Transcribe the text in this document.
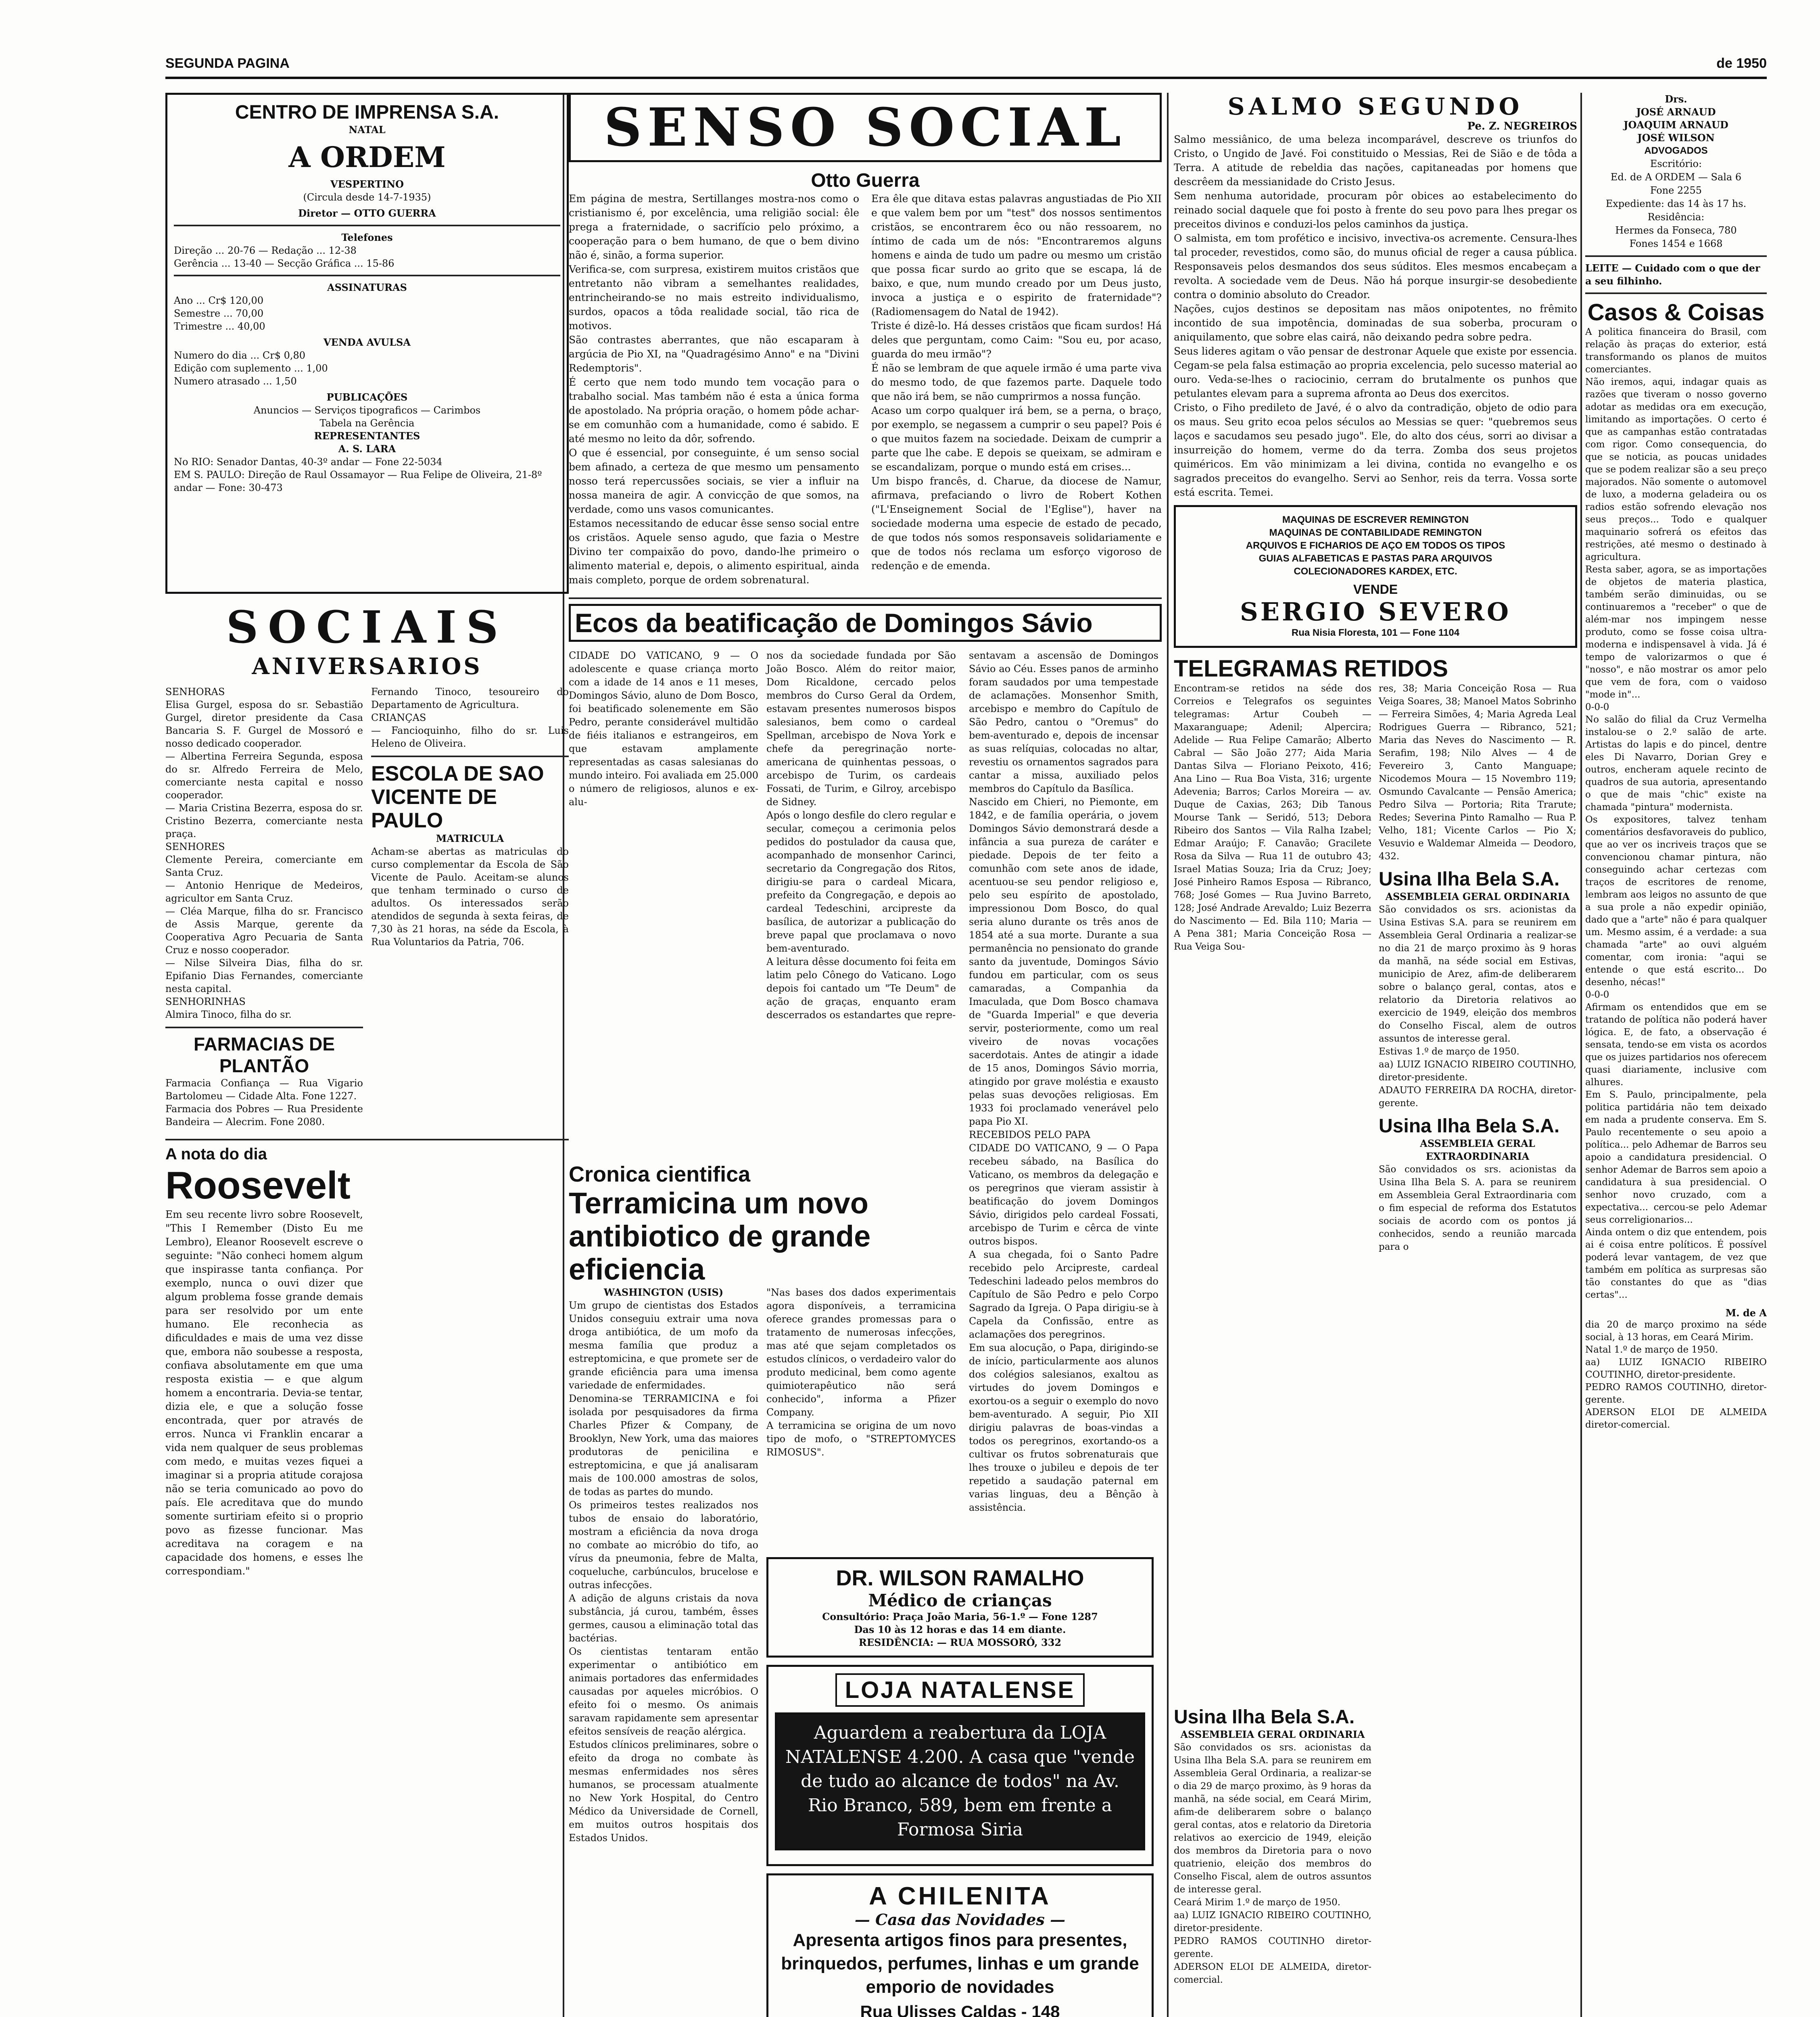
SEGUNDA PAGINA	de 1950
CENTRO DE IMPRENSA S.A.
NATAL
A ORDEM
VESPERTINO
(Circula desde 14-7-1935)
Diretor — OTTO GUERRA
Telefones
Direção ... 20-76 — Redação ... 12-38
Gerência ... 13-40 — Secção Gráfica ... 15-86
ASSINATURAS
Ano ... Cr$ 120,00
Semestre ... 70,00
Trimestre ... 40,00
VENDA AVULSA
Numero do dia ... Cr$ 0,80
Edição com suplemento ... 1,00
Numero atrasado ... 1,50
PUBLICAÇÕES
Anuncios — Serviços tipograficos — Carimbos
Tabela na Gerência
REPRESENTANTES
A. S. LARA
No RIO: Senador Dantas, 40-3º andar — Fone 22-5034
EM S. PAULO: Direção de Raul Ossamayor — Rua Felipe de Oliveira, 21-8º andar — Fone: 30-473
SOCIAIS
ANIVERSARIOS

SENHORAS
Elisa Gurgel, esposa do sr. Sebastião Gurgel, diretor presidente da Casa Bancaria S. F. Gurgel de Mossoró e nosso dedicado cooperador.
— Albertina Ferreira Segunda, esposa do sr. Alfredo Ferreira de Melo, comerciante nesta capital e nosso cooperador.
— Maria Cristina Bezerra, esposa do sr. Cristino Bezerra, comerciante nesta praça.
SENHORES
Clemente Pereira, comerciante em Santa Cruz.
— Antonio Henrique de Medeiros, agricultor em Santa Cruz.
— Cléa Marque, filha do sr. Francisco de Assis Marque, gerente da Cooperativa Agro Pecuaria de Santa Cruz e nosso cooperador.
— Nilse Silveira Dias, filha do sr. Epifanio Dias Fernandes, comerciante nesta capital.
SENHORINHAS
Almira Tinoco, filha do sr.

FARMACIAS DE PLANTÃO

Farmacia Confiança — Rua Vigario Bartolomeu — Cidade Alta. Fone 1227.
Farmacia dos Pobres — Rua Presidente Bandeira — Alecrim. Fone 2080.

Fernando Tinoco, tesoureiro do Departamento de Agricultura.
CRIANÇAS
— Fancioquinho, filho do sr. Luis Heleno de Oliveira.

ESCOLA DE SAO VICENTE DE PAULO
MATRICULA

Acham-se abertas as matriculas do curso complementar da Escola de São Vicente de Paulo. Aceitam-se alunos que tenham terminado o curso de adultos. Os interessados serão atendidos de segunda à sexta feiras, de 7,30 às 21 horas, na séde da Escola, à Rua Voluntarios da Patria, 706.

A nota do dia
Roosevelt

Em seu recente livro sobre Roosevelt, "This I Remember (Disto Eu me Lembro), Eleanor Roosevelt escreve o seguinte: "Não conheci homem algum que inspirasse tanta confiança. Por exemplo, nunca o ouvi dizer que algum problema fosse grande demais para ser resolvido por um ente humano. Ele reconhecia as dificuldades e mais de uma vez disse que, embora não soubesse a resposta, confiava absolutamente em que uma resposta existia — e que algum homem a encontraria. Devia-se tentar, dizia ele, e que a solução fosse encontrada, quer por através de erros. Nunca vi Franklin encarar a vida nem qualquer de seus problemas com medo, e muitas vezes fiquei a imaginar si a propria atitude corajosa não se teria comunicado ao povo do país. Ele acreditava que do mundo somente surtiriam efeito si o proprio povo as fizesse funcionar. Mas acreditava na coragem e na capacidade dos homens, e esses lhe correspondiam."

SENSO SOCIAL
Otto Guerra

Em página de mestra, Sertillanges mostra-nos como o cristianismo é, por excelência, uma religião social: êle prega a fraternidade, o sacrifício pelo próximo, a cooperação para o bem humano, de que o bem divino não é, sinão, a forma superior.
Verifica-se, com surpresa, existirem muitos cristãos que entretanto não vibram a semelhantes realidades, entrincheirando-se no mais estreito individualismo, surdos, opacos a tôda realidade social, tão rica de motivos.
São contrastes aberrantes, que não escaparam à argúcia de Pio XI, na "Quadragésimo Anno" e na "Divini Redemptoris".
É certo que nem todo mundo tem vocação para o trabalho social. Mas também não é esta a única forma de apostolado. Na própria oração, o homem pôde achar-se em comunhão com a humanidade, como é sabido. E até mesmo no leito da dôr, sofrendo.
O que é essencial, por conseguinte, é um senso social bem afinado, a certeza de que mesmo um pensamento nosso terá repercussões sociais, se vier a influir na nossa maneira de agir. A convicção de que somos, na verdade, como uns vasos comunicantes.
Estamos necessitando de educar êsse senso social entre os cristãos. Aquele senso agudo, que fazia o Mestre Divino ter compaixão do povo, dando-lhe primeiro o alimento material e, depois, o alimento espiritual, ainda mais completo, porque de ordem sobrenatural.

Era êle que ditava estas palavras angustiadas de Pio XII e que valem bem por um "test" dos nossos sentimentos cristãos, se encontrarem êco ou não ressoarem, no íntimo de cada um de nós: "Encontraremos alguns homens e ainda de tudo um padre ou mesmo um cristão que possa ficar surdo ao grito que se escapa, lá de baixo, e que, num mundo creado por um Deus justo, invoca a justiça e o espirito de fraternidade"? (Radiomensagem do Natal de 1942).
Triste é dizê-lo. Há desses cristãos que ficam surdos! Há deles que perguntam, como Caim: "Sou eu, por acaso, guarda do meu irmão"?
É não se lembram de que aquele irmão é uma parte viva do mesmo todo, de que fazemos parte. Daquele todo que não irá bem, se não cumprirmos a nossa função.
Acaso um corpo qualquer irá bem, se a perna, o braço, por exemplo, se negassem a cumprir o seu papel? Pois é o que muitos fazem na sociedade. Deixam de cumprir a parte que lhe cabe. E depois se queixam, se admiram e se escandalizam, porque o mundo está em crises...
Um bispo francês, d. Charue, da diocese de Namur, afirmava, prefaciando o livro de Robert Kothen ("L'Enseignement Social de l'Eglise"), haver na sociedade moderna uma especie de estado de pecado, de que todos nós somos responsaveis solidariamente e que de todos nós reclama um esforço vigoroso de redenção e de emenda.

Ecos da beatificação de Domingos Sávio

CIDADE DO VATICANO, 9 — O adolescente e quase criança morto com a idade de 14 anos e 11 meses, Domingos Sávio, aluno de Dom Bosco, foi beatificado solenemente em São Pedro, perante considerável multidão de fiéis italianos e estrangeiros, em que estavam amplamente representadas as casas salesianas do mundo inteiro. Foi avaliada em 25.000 o número de religiosos, alunos e ex-alu-

nos da sociedade fundada por São João Bosco. Além do reitor maior, Dom Ricaldone, cercado pelos membros do Curso Geral da Ordem, estavam presentes numerosos bispos salesianos, bem como o cardeal Spellman, arcebispo de Nova York e chefe da peregrinação norte-americana de quinhentas pessoas, o arcebispo de Turim, os cardeais Fossati, de Turim, e Gilroy, arcebispo de Sidney.
Após o longo desfile do clero regular e secular, começou a cerimonia pelos pedidos do postulador da causa que, acompanhado de monsenhor Carinci, secretario da Congregação dos Ritos, dirigiu-se para o cardeal Micara, prefeito da Congregação, e depois ao cardeal Tedeschini, arcipreste da basílica, de autorizar a publicação do breve papal que proclamava o novo bem-aventurado.
A leitura dêsse documento foi feita em latim pelo Cônego do Vaticano. Logo depois foi cantado um "Te Deum" de ação de graças, enquanto eram descerrados os estandartes que repre-

sentavam a ascensão de Domingos Sávio ao Céu. Esses panos de arminho foram saudados por uma tempestade de aclamações. Monsenhor Smith, arcebispo e membro do Capítulo de São Pedro, cantou o "Oremus" do bem-aventurado e, depois de incensar as suas relíquias, colocadas no altar, revestiu os ornamentos sagrados para cantar a missa, auxiliado pelos membros do Capítulo da Basílica.
Nascido em Chieri, no Piemonte, em 1842, e de família operária, o jovem Domingos Sávio demonstrará desde a infância a sua pureza de caráter e piedade. Depois de ter feito a comunhão com sete anos de idade, acentuou-se seu pendor religioso e, pelo seu espírito de apostolado, impressionou Dom Bosco, do qual seria aluno durante os três anos de 1854 até a sua morte. Durante a sua permanência no pensionato do grande santo da juventude, Domingos Sávio fundou em particular, com os seus camaradas, a Companhia da Imaculada, que Dom Bosco chamava de "Guarda Imperial" e que deveria servir, posteriormente, como um real viveiro de novas vocações sacerdotais. Antes de atingir a idade de 15 anos, Domingos Sávio morria, atingido por grave moléstia e exausto pelas suas devoções religiosas. Em 1933 foi proclamado venerável pelo papa Pio XI.
RECEBIDOS PELO PAPA
CIDADE DO VATICANO, 9 — O Papa recebeu sábado, na Basílica do Vaticano, os membros da delegação e os peregrinos que vieram assistir à beatificação do jovem Domingos Sávio, dirigidos pelo cardeal Fossati, arcebispo de Turim e cêrca de vinte outros bispos.
A sua chegada, foi o Santo Padre recebido pelo Arcipreste, cardeal Tedeschini ladeado pelos membros do Capítulo de São Pedro e pelo Corpo Sagrado da Igreja. O Papa dirigiu-se à Capela da Confissão, entre as aclamações dos peregrinos.
Em sua alocução, o Papa, dirigindo-se de início, particularmente aos alunos dos colégios salesianos, exaltou as virtudes do jovem Domingos e exortou-os a seguir o exemplo do novo bem-aventurado. A seguir, Pio XII dirigiu palavras de boas-vindas a todos os peregrinos, exortando-os a cultivar os frutos sobrenaturais que lhes trouxe o jubileu e depois de ter repetido a saudação paternal em varias linguas, deu a Bênção à assistência.

Cronica cientifica
Terramicina um novo antibiotico de grande eficiencia
WASHINGTON (USIS)

Um grupo de cientistas dos Estados Unidos conseguiu extrair uma nova droga antibiótica, de um mofo da mesma família que produz a estreptomicina, e que promete ser de grande eficiência para uma imensa variedade de enfermidades.
Denomina-se TERRAMICINA e foi isolada por pesquisadores da firma Charles Pfizer & Company, de Brooklyn, New York, uma das maiores produtoras de penicilina e estreptomicina, e que já analisaram mais de 100.000 amostras de solos, de todas as partes do mundo.
Os primeiros testes realizados nos tubos de ensaio do laboratório, mostram a eficiência da nova droga no combate ao micróbio do tifo, ao vírus da pneumonia, febre de Malta, coqueluche, carbúnculos, brucelose e outras infecções.
A adição de alguns cristais da nova substância, já curou, também, êsses germes, causou a eliminação total das bactérias.
Os cientistas tentaram então experimentar o antibiótico em animais portadores das enfermidades causadas por aqueles micróbios. O efeito foi o mesmo. Os animais saravam rapidamente sem apresentar efeitos sensíveis de reação alérgica.
Estudos clínicos preliminares, sobre o efeito da droga no combate às mesmas enfermidades nos sêres humanos, se processam atualmente no New York Hospital, do Centro Médico da Universidade de Cornell, em muitos outros hospitais dos Estados Unidos.

"Nas bases dos dados experimentais agora disponíveis, a terramicina oferece grandes promessas para o tratamento de numerosas infecções, mas até que sejam completados os estudos clínicos, o verdadeiro valor do produto medicinal, bem como agente quimioterapêutico não será conhecido", informa a Pfizer Company.
A terramicina se origina de um novo tipo de mofo, o "STREPTOMYCES RIMOSUS".

DR. WILSON RAMALHO
Médico de crianças
Consultório: Praça João Maria, 56-1.º — Fone 1287
Das 10 às 12 horas e das 14 em diante.
RESIDÊNCIA: — RUA MOSSORÓ, 332
LOJA NATALENSE
Aguardem a reabertura da LOJA NATALENSE 4.200. A casa que "vende de tudo ao alcance de todos" na Av. Rio Branco, 589, bem em frente a Formosa Siria
A CHILENITA
— Casa das Novidades —
Apresenta artigos finos para presentes, brinquedos, perfumes, linhas e um grande emporio de novidades
Rua Ulisses Caldas - 148
SALMO SEGUNDO
Pe. Z. NEGREIROS

Salmo messiânico, de uma beleza incomparável, descreve os triunfos do Cristo, o Ungido de Javé. Foi constituido o Messias, Rei de Sião e de tôda a Terra. A atitude de rebeldia das nações, capitaneadas por homens que descrêem da messianidade do Cristo Jesus.
Sem nenhuma autoridade, procuram pôr obices ao estabelecimento do reinado social daquele que foi posto à frente do seu povo para lhes pregar os preceitos divinos e conduzi-los pelos caminhos da justiça.
O salmista, em tom profético e incisivo, invectiva-os acremente. Censura-lhes tal proceder, revestidos, como são, do munus oficial de reger a causa pública. Responsaveis pelos desmandos dos seus súditos. Eles mesmos encabeçam a revolta. A sociedade vem de Deus. Não há porque insurgir-se desobediente contra o dominio absoluto do Creador.
Nações, cujos destinos se depositam nas mãos onipotentes, no frêmito incontido de sua impotência, dominadas de sua soberba, procuram o aniquilamento, que sobre elas cairá, não deixando pedra sobre pedra.
Seus lideres agitam o vão pensar de destronar Aquele que existe por essencia. Cegam-se pela falsa estimação ao propria excelencia, pelo sucesso material ao ouro. Veda-se-lhes o raciocinio, cerram do brutalmente os punhos que petulantes elevam para a suprema afronta ao Deus dos exercitos.
Cristo, o Fiho predileto de Javé, é o alvo da contradição, objeto de odio para os maus. Seu grito ecoa pelos séculos ao Messias se quer: "quebremos seus laços e sacudamos seu pesado jugo". Ele, do alto dos céus, sorri ao divisar a insurreição do homem, verme do da terra. Zomba dos seus projetos quiméricos. Em vão minimizam a lei divina, contida no evangelho e os sagrados preceitos do evangelho. Servi ao Senhor, reis da terra. Vossa sorte está escrita. Temei.

MAQUINAS DE ESCREVER REMINGTON
MAQUINAS DE CONTABILIDADE REMINGTON
ARQUIVOS E FICHARIOS DE AÇO EM TODOS OS TIPOS
GUIAS ALFABETICAS E PASTAS PARA ARQUIVOS
COLECIONADORES KARDEX, ETC.
VENDE
SERGIO SEVERO
Rua Nisia Floresta, 101 — Fone 1104
TELEGRAMAS RETIDOS

Encontram-se retidos na séde dos Correios e Telegrafos os seguintes telegramas: Artur Coubeh — Maxaranguape; Adenil; Alpercira; Adelide — Rua Felipe Camarão; Alberto Cabral — São João 277; Aida Maria Dantas Silva — Floriano Peixoto, 416; Ana Lino — Rua Boa Vista, 316; urgente Adevenia; Barros; Carlos Moreira — av. Duque de Caxias, 263; Dib Tanous Mourse Tank — Seridó, 513; Debora Ribeiro dos Santos — Vila Ralha Izabel; Edmar Araújo; F. Canavão; Gracilete Rosa da Silva — Rua 11 de outubro 43; Israel Matias Souza; Iria da Cruz; Joey; José Pinheiro Ramos Esposa — Ribranco, 768; José Gomes — Rua Juvino Barreto, 128; José Andrade Arevaldo; Luiz Bezerra do Nascimento — Ed. Bila 110; Maria — A Pena 381; Maria Conceição Rosa — Rua Veiga Sou-

res, 38; Maria Conceição Rosa — Rua Veiga Soares, 38; Manoel Matos Sobrinho — Ferreira Simões, 4; Maria Agreda Leal Rodrigues Guerra — Ribranco, 521; Maria das Neves do Nascimento — R. Serafim, 198; Nilo Alves — 4 de Fevereiro 3, Canto Manguape; Nicodemos Moura — 15 Novembro 119; Osmundo Cavalcante — Pensão America; Pedro Silva — Portoria; Rita Trarute; Redes; Severina Pinto Ramalho — Rua P. Velho, 181; Vicente Carlos — Pio X; Vesuvio e Waldemar Almeida — Deodoro, 432.

Usina Ilha Bela S.A.
ASSEMBLEIA GERAL ORDINARIA

São convidados os srs. acionistas da Usina Estivas S.A. para se reunirem em Assembleia Geral Ordinaria a realizar-se no dia 21 de março proximo às 9 horas da manhã, na séde social em Estivas, municipio de Arez, afim-de deliberarem sobre o balanço geral, contas, atos e relatorio da Diretoria relativos ao exercicio de 1949, eleição dos membros do Conselho Fiscal, alem de outros assuntos de interesse geral.
Estivas 1.º de março de 1950.
aa) LUIZ IGNACIO RIBEIRO COUTINHO, diretor-presidente.
ADAUTO FERREIRA DA ROCHA, diretor-gerente.

Usina Ilha Bela S.A.
ASSEMBLEIA GERAL EXTRAORDINARIA

São convidados os srs. acionistas da Usina Ilha Bela S. A. para se reunirem em Assembleia Geral Extraordinaria com o fim especial de reforma dos Estatutos sociais de acordo com os pontos já conhecidos, sendo a reunião marcada para o

Usina Ilha Bela S.A.
ASSEMBLEIA GERAL ORDINARIA

São convidados os srs. acionistas da Usina Ilha Bela S.A. para se reunirem em Assembleia Geral Ordinaria, a realizar-se o dia 29 de março proximo, às 9 horas da manhã, na séde social, em Ceará Mirim, afim-de deliberarem sobre o balanço geral contas, atos e relatorio da Diretoria relativos ao exercicio de 1949, eleição dos membros da Diretoria para o novo quatrienio, eleição dos membros do Conselho Fiscal, alem de outros assuntos de interesse geral.
Ceará Mirim 1.º de março de 1950.
aa) LUIZ IGNACIO RIBEIRO COUTINHO, diretor-presidente.
PEDRO RAMOS COUTINHO diretor-gerente.
ADERSON ELOI DE ALMEIDA, diretor-comercial.

Drs.
JOSÉ ARNAUD
JOAQUIM ARNAUD
JOSÉ WILSON
ADVOGADOS
Escritório:
Ed. de A ORDEM — Sala 6
Fone 2255
Expediente: das 14 às 17 hs.
Residência:
Hermes da Fonseca, 780
Fones 1454 e 1668
LEITE — Cuidado com o que der a seu filhinho.
Casos & Coisas

A politica financeira do Brasil, com relação às praças do exterior, está transformando os planos de muitos comerciantes.
Não iremos, aqui, indagar quais as razões que tiveram o nosso governo adotar as medidas ora em execução, limitando as importações. O certo é que as campanhas estão contratadas com rigor. Como consequencia, do que se noticia, as poucas unidades que se podem realizar são a seu preço majorados. Não somente o automovel de luxo, a moderna geladeira ou os radios estão sofrendo elevação nos seus preços... Todo e qualquer maquinario sofrerá os efeitos das restrições, até mesmo o destinado à agricultura.
Resta saber, agora, se as importações de objetos de materia plastica, também serão diminuidas, ou se continuaremos a "receber" o que de além-mar nos impingem nesse produto, como se fosse coisa ultra-moderna e indispensavel à vida. Já é tempo de valorizarmos o que é "nosso", e não mostrar os amor pelo que vem de fora, com o vaidoso "mode in"...
0-0-0
No salão do filial da Cruz Vermelha instalou-se o 2.º salão de arte. Artistas do lapis e do pincel, dentre eles Di Navarro, Dorian Grey e outros, encheram aquele recinto de quadros de sua autoria, apresentando o que de mais "chic" existe na chamada "pintura" modernista.
Os expositores, talvez tenham comentários desfavoraveis do publico, que ao ver os incriveis traços que se convencionou chamar pintura, não conseguindo achar certezas com traços de escritores de renome, lembram aos leigos no assunto de que a sua prole a não expedir opinião, dado que a "arte" não é para qualquer um. Mesmo assim, é a verdade: a sua chamada "arte" ao ouvi alguém comentar, com ironia: "aqui se entende o que está escrito... Do desenho, nécas!"
0-0-0
Afirmam os entendidos que em se tratando de política não poderá haver lógica. E, de fato, a observação é sensata, tendo-se em vista os acordos que os juizes partidarios nos oferecem quasi diariamente, inclusive com alhures.
Em S. Paulo, principalmente, pela politica partidária não tem deixado em nada a prudente conserva. Em S. Paulo recentemente o seu apoio a política... pelo Adhemar de Barros seu apoio a candidatura presidencial. O senhor Ademar de Barros sem apoio a candidatura à sua presidencial. O senhor novo cruzado, com a expectativa... cercou-se pelo Ademar seus correligionarios...
Ainda ontem o diz que entendem, pois ai é coisa entre políticos. É possível poderá levar vantagem, de vez que também em política as surpresas são tão constantes do que as "dias certas"...

M. de A

dia 20 de março proximo na séde social, à 13 horas, em Ceará Mirim.
Natal 1.º de março de 1950.
aa) LUIZ IGNACIO RIBEIRO COUTINHO, diretor-presidente.
PEDRO RAMOS COUTINHO, diretor-gerente.
ADERSON ELOI DE ALMEIDA diretor-comercial.
